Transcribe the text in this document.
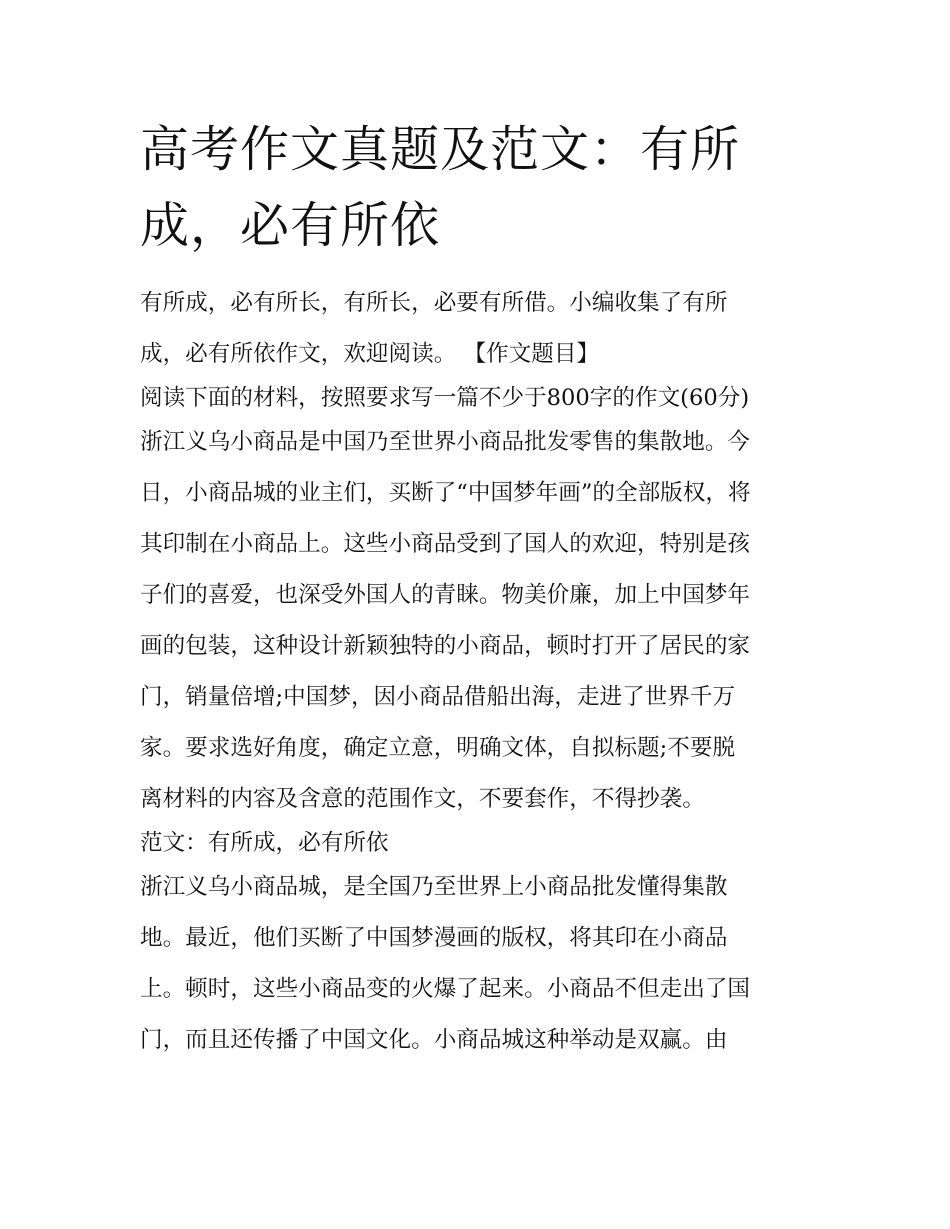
高考作文真题及范文：有所
成，必有所依
有所成，必有所长，有所长，必要有所借。小编收集了有所
成，必有所依作文，欢迎阅读。 【作文题目】
阅读下面的材料，按照要求写一篇不少于800字的作文(60分)
浙江义乌小商品是中国乃至世界小商品批发零售的集散地。今
日，小商品城的业主们，买断了“中国梦年画”的全部版权，将
其印制在小商品上。这些小商品受到了国人的欢迎，特别是孩
子们的喜爱，也深受外国人的青睐。物美价廉，加上中国梦年
画的包装，这种设计新颖独特的小商品，顿时打开了居民的家
门，销量倍增;中国梦，因小商品借船出海，走进了世界千万
家。要求选好角度，确定立意，明确文体，自拟标题;不要脱
离材料的内容及含意的范围作文，不要套作，不得抄袭。
范文：有所成，必有所依
浙江义乌小商品城，是全国乃至世界上小商品批发懂得集散
地。最近，他们买断了中国梦漫画的版权，将其印在小商品
上。顿时，这些小商品变的火爆了起来。小商品不但走出了国
门，而且还传播了中国文化。小商品城这种举动是双赢。由
